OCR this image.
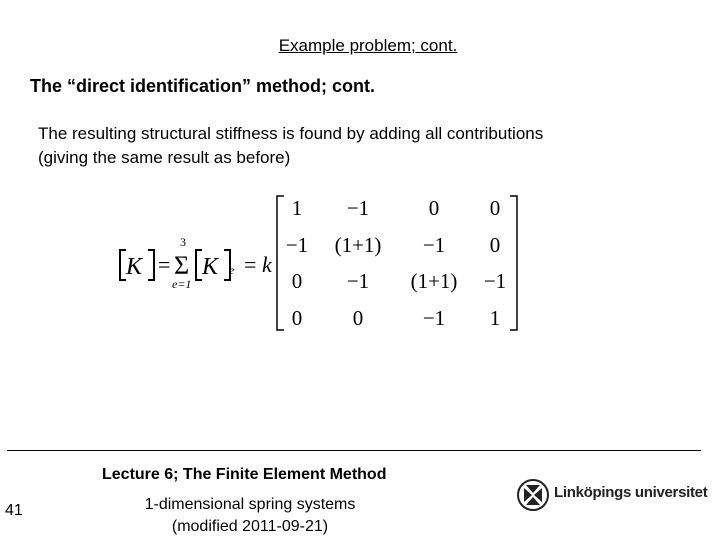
Example problem; cont.
The “direct identification” method; cont.
The resulting structural stiffness is found by adding all contributions
(giving the same result as before)
K =
3
Σ
e=1
K e = k
1 −1	0 0
−1 (1+1) −1 0
0 −1 (1+1) −1
0 0	−1 1
Lecture 6; The Finite Element Method
41	1-dimensional spring systems
(modified 2011-09-21)
Linköpings universitet
